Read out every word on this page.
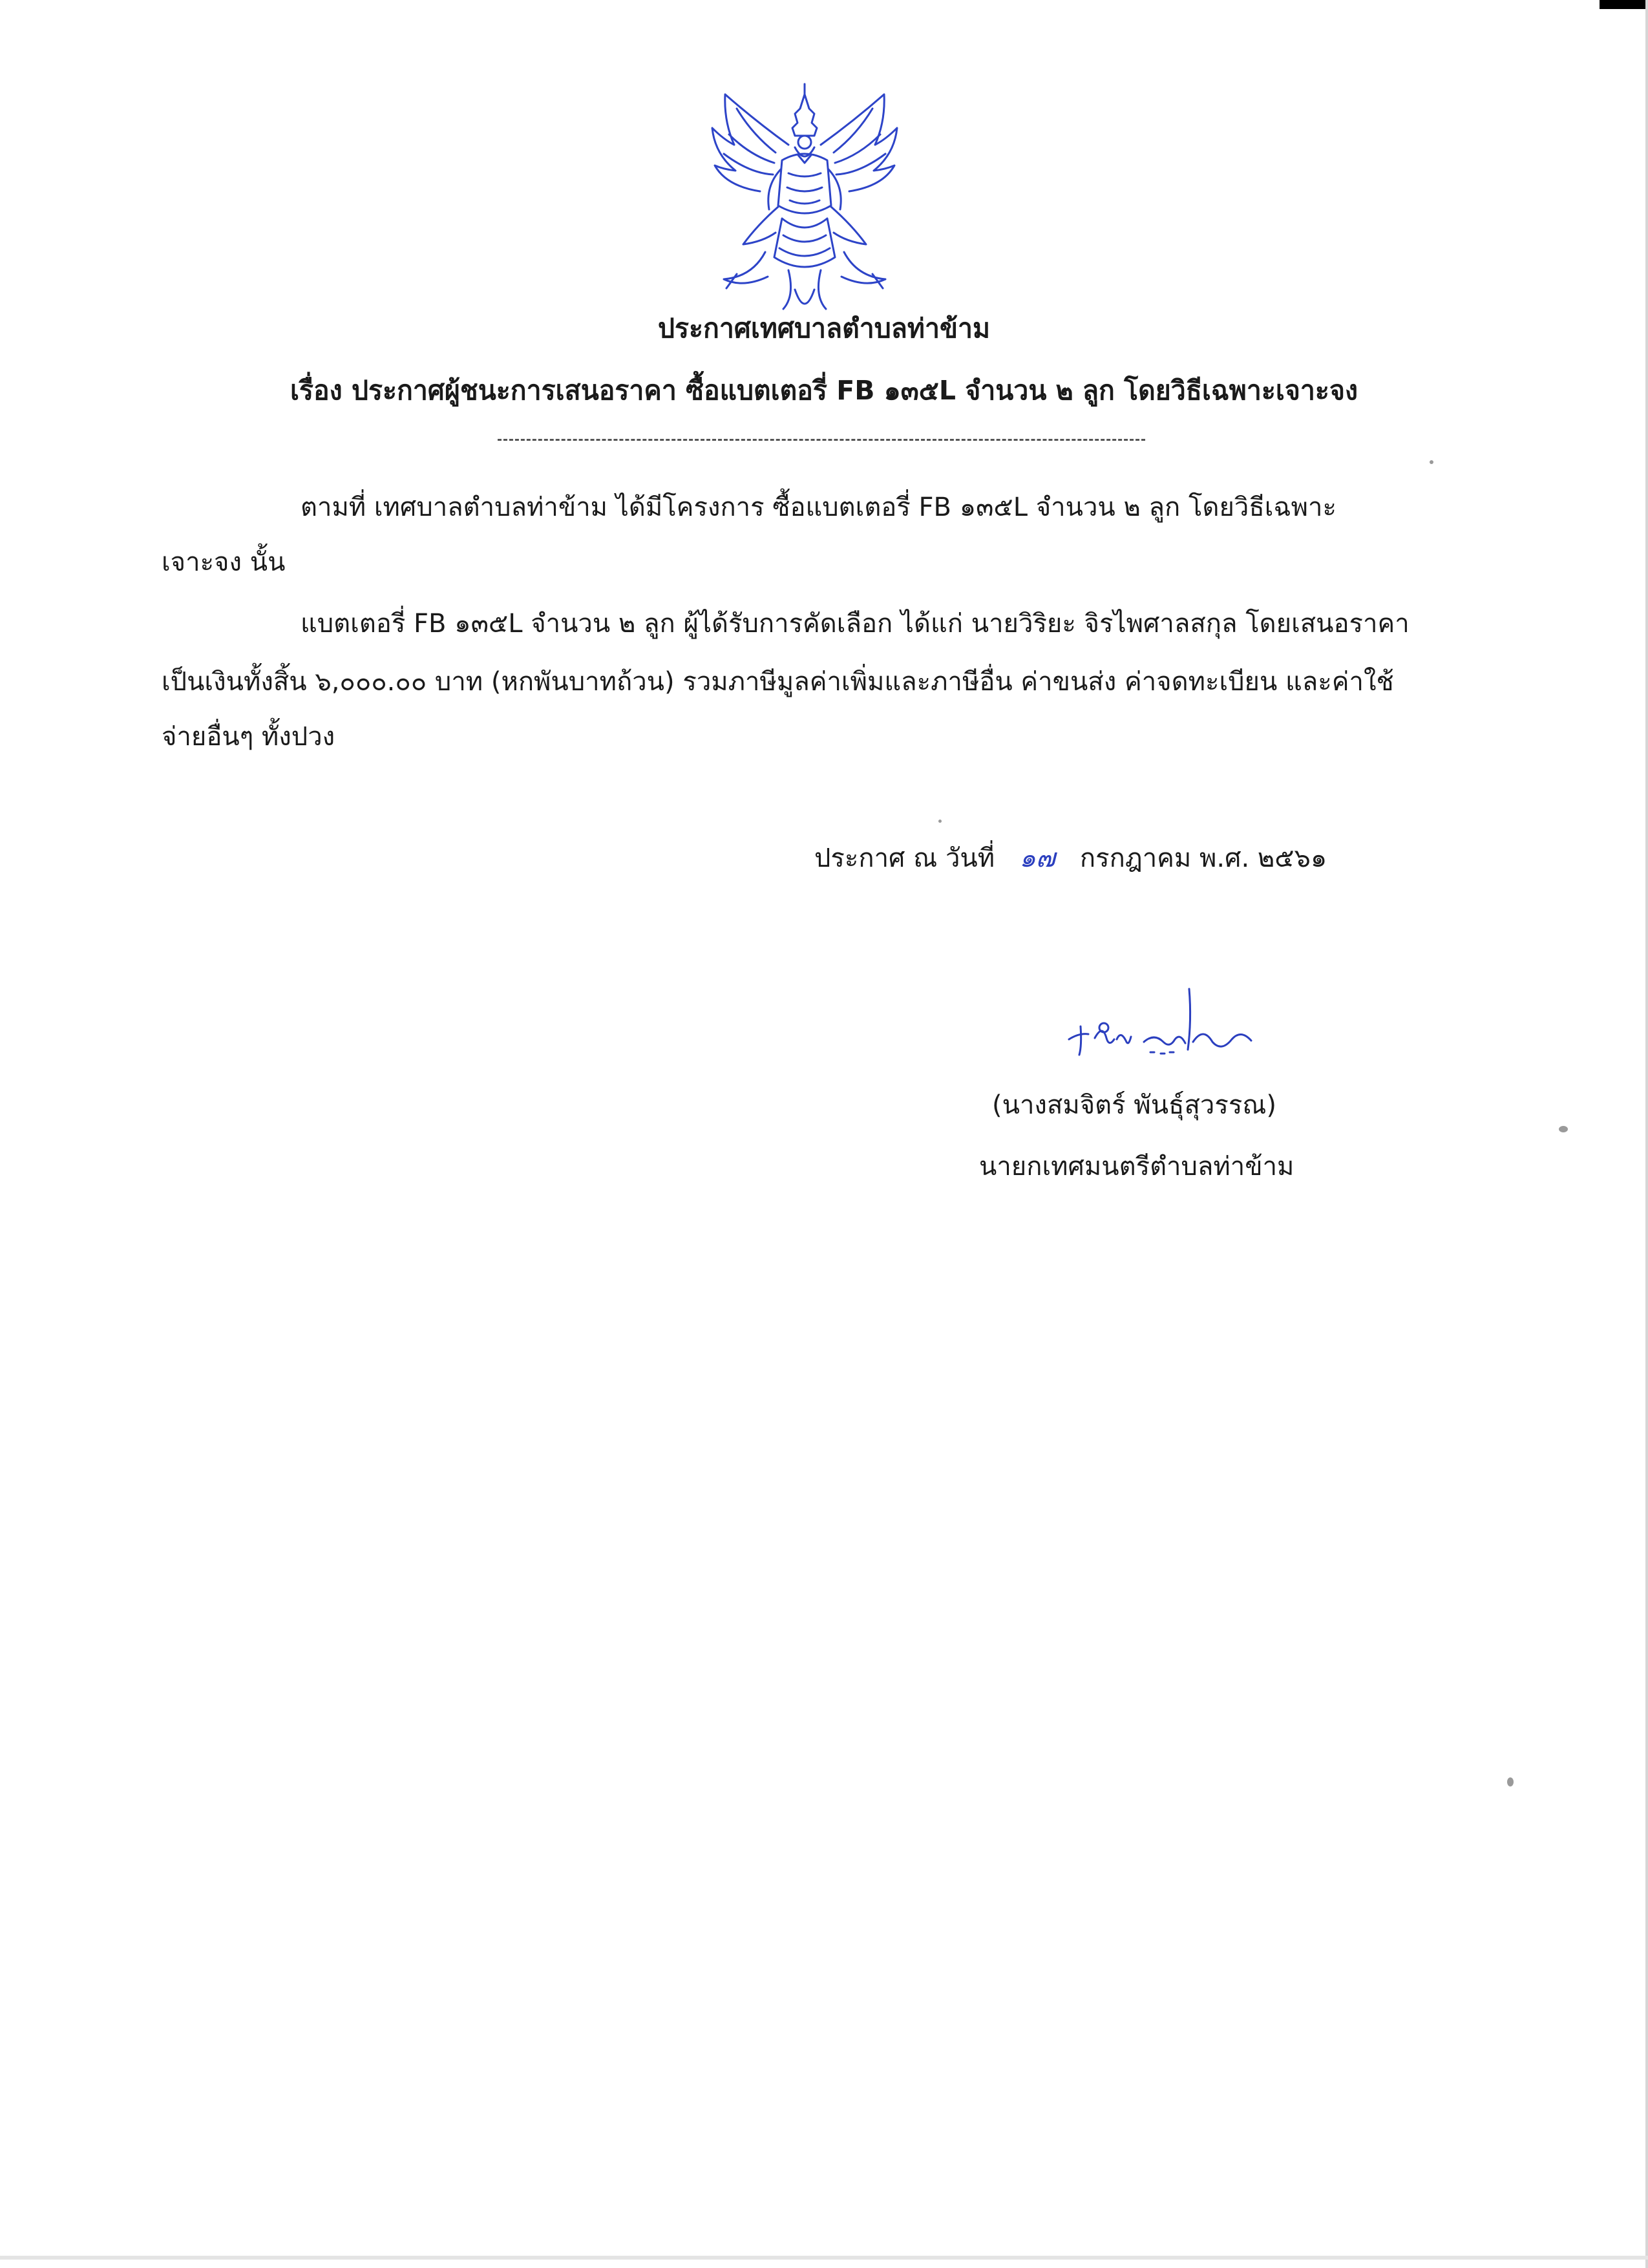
ประกาศเทศบาลตำบลท่าข้าม
เรื่อง ประกาศผู้ชนะการเสนอราคา ซื้อแบตเตอรี่ FB ๑๓๕L จำนวน ๒ ลูก โดยวิธีเฉพาะเจาะจง
ตามที่ เทศบาลตำบลท่าข้าม ได้มีโครงการ ซื้อแบตเตอรี่ FB ๑๓๕L จำนวน ๒ ลูก โดยวิธีเฉพาะ
เจาะจง นั้น
แบตเตอรี่ FB ๑๓๕L จำนวน ๒ ลูก ผู้ได้รับการคัดเลือก ได้แก่ นายวิริยะ จิรไพศาลสกุล โดยเสนอราคา
เป็นเงินทั้งสิ้น ๖,๐๐๐.๐๐ บาท (หกพันบาทถ้วน) รวมภาษีมูลค่าเพิ่มและภาษีอื่น ค่าขนส่ง ค่าจดทะเบียน และค่าใช้
จ่ายอื่นๆ ทั้งปวง
ประกาศ ณ วันที่ ๑๗ กรกฎาคม พ.ศ. ๒๕๖๑
(นางสมจิตร์ พันธุ์สุวรรณ)
นายกเทศมนตรีตำบลท่าข้าม
